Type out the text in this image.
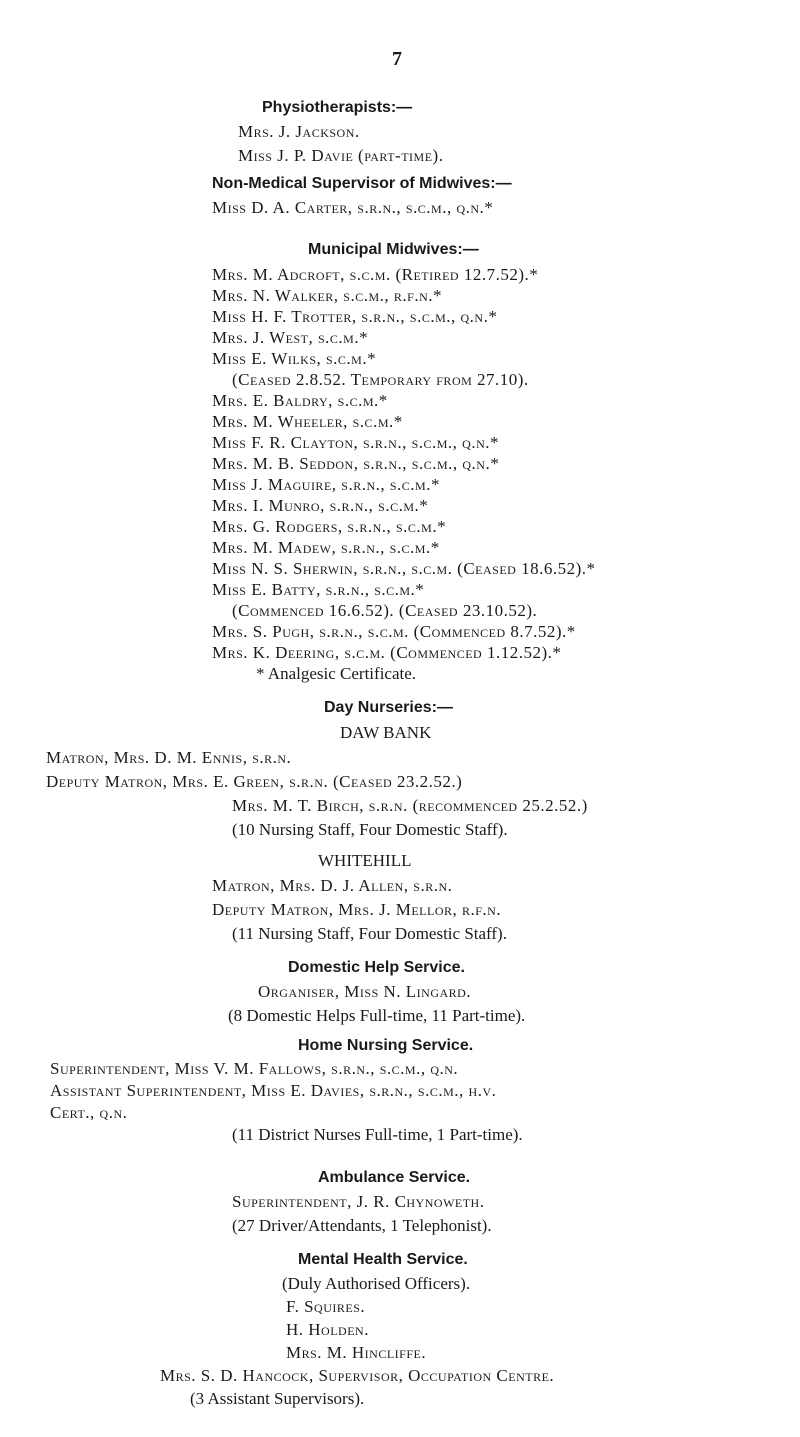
7
Physiotherapists:—
Mrs. J. Jackson.
Miss J. P. Davie (part-time).
Non-Medical Supervisor of Midwives:—
Miss D. A. Carter, s.r.n., s.c.m., q.n.*
Municipal Midwives:—
Mrs. M. Adcroft, s.c.m. (Retired 12.7.52).*
Mrs. N. Walker, s.c.m., r.f.n.*
Miss H. F. Trotter, s.r.n., s.c.m., q.n.*
Mrs. J. West, s.c.m.*
Miss E. Wilks, s.c.m.*
(Ceased 2.8.52. Temporary from 27.10).
Mrs. E. Baldry, s.c.m.*
Mrs. M. Wheeler, s.c.m.*
Miss F. R. Clayton, s.r.n., s.c.m., q.n.*
Mrs. M. B. Seddon, s.r.n., s.c.m., q.n.*
Miss J. Maguire, s.r.n., s.c.m.*
Mrs. I. Munro, s.r.n., s.c.m.*
Mrs. G. Rodgers, s.r.n., s.c.m.*
Mrs. M. Madew, s.r.n., s.c.m.*
Miss N. S. Sherwin, s.r.n., s.c.m. (Ceased 18.6.52).*
Miss E. Batty, s.r.n., s.c.m.*
(Commenced 16.6.52). (Ceased 23.10.52).
Mrs. S. Pugh, s.r.n., s.c.m. (Commenced 8.7.52).*
Mrs. K. Deering, s.c.m. (Commenced 1.12.52).*
* Analgesic Certificate.
Day Nurseries:—
DAW BANK
Matron, Mrs. D. M. Ennis, s.r.n.
Deputy Matron, Mrs. E. Green, s.r.n. (Ceased 23.2.52.)
Mrs. M. T. Birch, s.r.n. (recommenced 25.2.52.)
(10 Nursing Staff, Four Domestic Staff).
WHITEHILL
Matron, Mrs. D. J. Allen, s.r.n.
Deputy Matron, Mrs. J. Mellor, r.f.n.
(11 Nursing Staff, Four Domestic Staff).
Domestic Help Service.
Organiser, Miss N. Lingard.
(8 Domestic Helps Full-time, 11 Part-time).
Home Nursing Service.
Superintendent, Miss V. M. Fallows, s.r.n., s.c.m., q.n.
Assistant Superintendent, Miss E. Davies, s.r.n., s.c.m., h.v.
Cert., q.n.
(11 District Nurses Full-time, 1 Part-time).
Ambulance Service.
Superintendent, J. R. Chynoweth.
(27 Driver/Attendants, 1 Telephonist).
Mental Health Service.
(Duly Authorised Officers).
F. Squires.
H. Holden.
Mrs. M. Hincliffe.
Mrs. S. D. Hancock, Supervisor, Occupation Centre.
(3 Assistant Supervisors).
